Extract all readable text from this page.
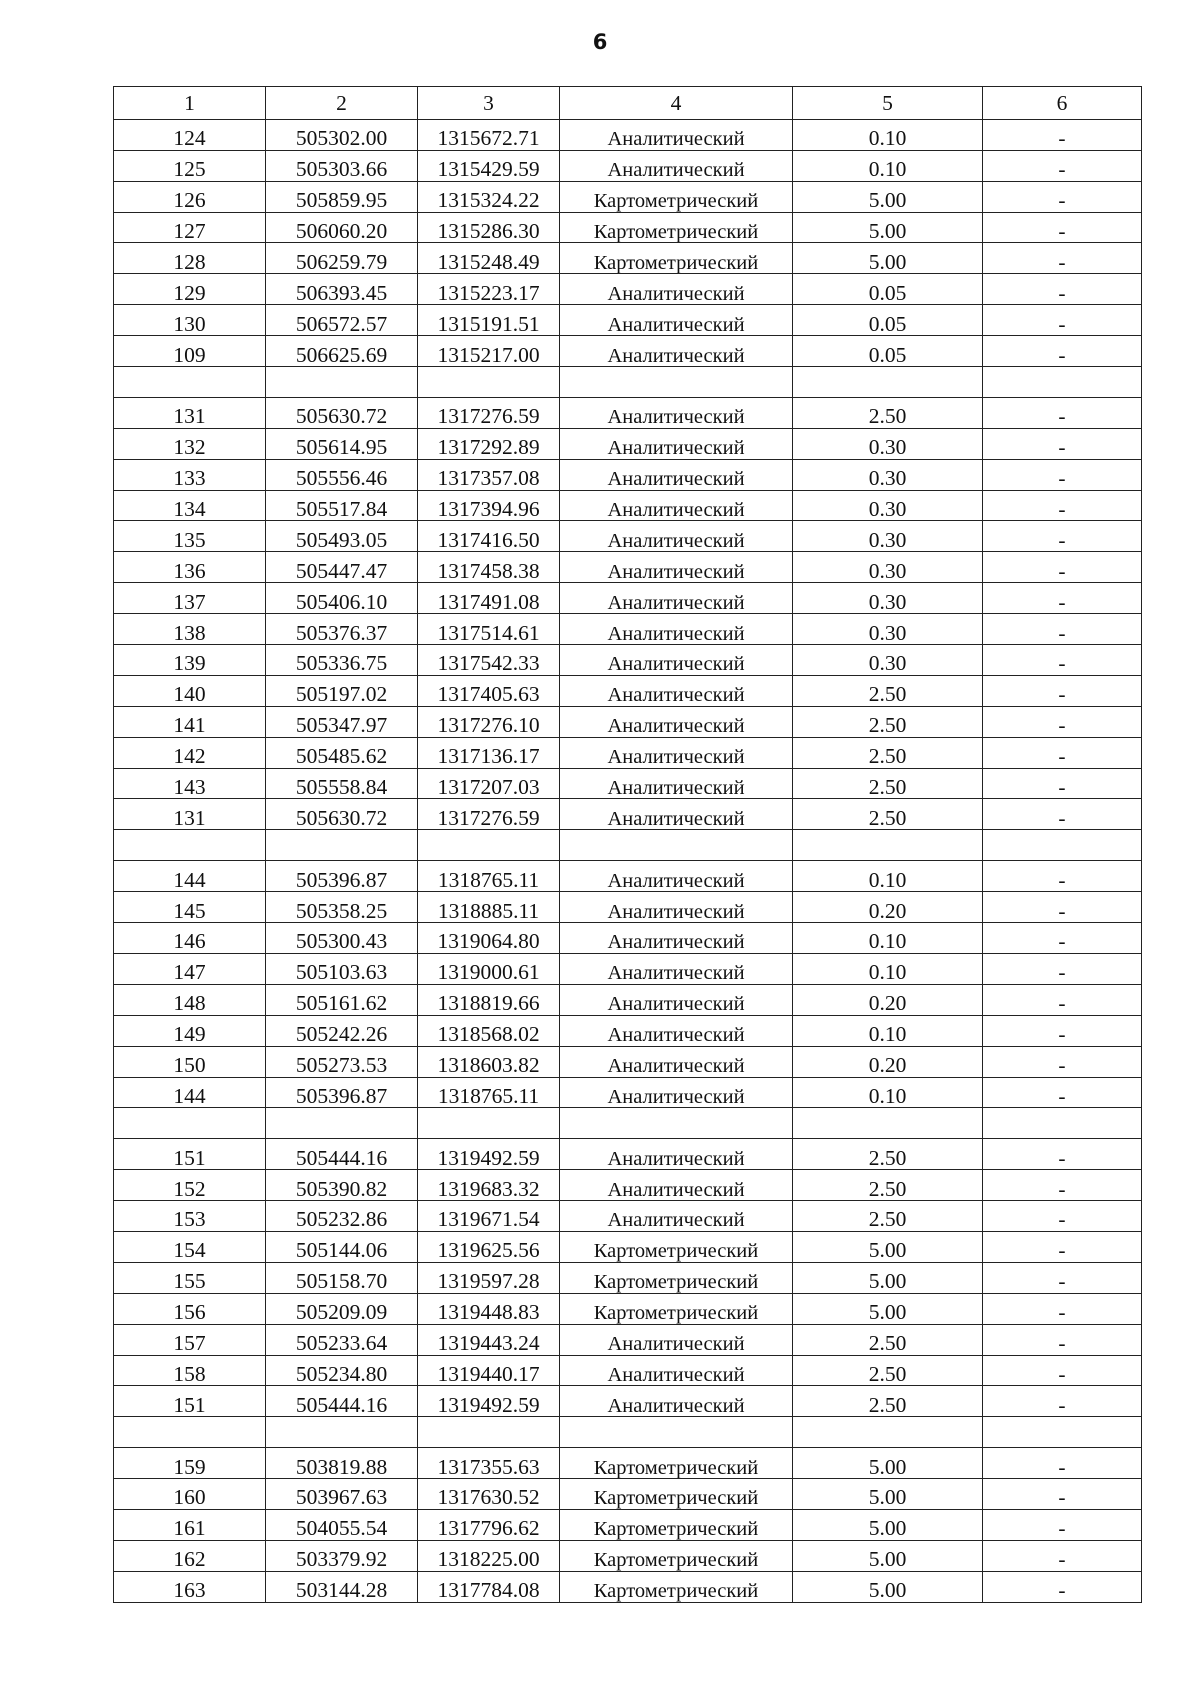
6
1	2	3	4	5	6
124	505302.00	1315672.71	Аналитический	0.10	-
125	505303.66	1315429.59	Аналитический	0.10	-
126	505859.95	1315324.22	Картометрический	5.00	-
127	506060.20	1315286.30	Картометрический	5.00	-
128	506259.79	1315248.49	Картометрический	5.00	-
129	506393.45	1315223.17	Аналитический	0.05	-
130	506572.57	1315191.51	Аналитический	0.05	-
109	506625.69	1315217.00	Аналитический	0.05	-

131	505630.72	1317276.59	Аналитический	2.50	-
132	505614.95	1317292.89	Аналитический	0.30	-
133	505556.46	1317357.08	Аналитический	0.30	-
134	505517.84	1317394.96	Аналитический	0.30	-
135	505493.05	1317416.50	Аналитический	0.30	-
136	505447.47	1317458.38	Аналитический	0.30	-
137	505406.10	1317491.08	Аналитический	0.30	-
138	505376.37	1317514.61	Аналитический	0.30	-
139	505336.75	1317542.33	Аналитический	0.30	-
140	505197.02	1317405.63	Аналитический	2.50	-
141	505347.97	1317276.10	Аналитический	2.50	-
142	505485.62	1317136.17	Аналитический	2.50	-
143	505558.84	1317207.03	Аналитический	2.50	-
131	505630.72	1317276.59	Аналитический	2.50	-

144	505396.87	1318765.11	Аналитический	0.10	-
145	505358.25	1318885.11	Аналитический	0.20	-
146	505300.43	1319064.80	Аналитический	0.10	-
147	505103.63	1319000.61	Аналитический	0.10	-
148	505161.62	1318819.66	Аналитический	0.20	-
149	505242.26	1318568.02	Аналитический	0.10	-
150	505273.53	1318603.82	Аналитический	0.20	-
144	505396.87	1318765.11	Аналитический	0.10	-

151	505444.16	1319492.59	Аналитический	2.50	-
152	505390.82	1319683.32	Аналитический	2.50	-
153	505232.86	1319671.54	Аналитический	2.50	-
154	505144.06	1319625.56	Картометрический	5.00	-
155	505158.70	1319597.28	Картометрический	5.00	-
156	505209.09	1319448.83	Картометрический	5.00	-
157	505233.64	1319443.24	Аналитический	2.50	-
158	505234.80	1319440.17	Аналитический	2.50	-
151	505444.16	1319492.59	Аналитический	2.50	-

159	503819.88	1317355.63	Картометрический	5.00	-
160	503967.63	1317630.52	Картометрический	5.00	-
161	504055.54	1317796.62	Картометрический	5.00	-
162	503379.92	1318225.00	Картометрический	5.00	-
163	503144.28	1317784.08	Картометрический	5.00	-
